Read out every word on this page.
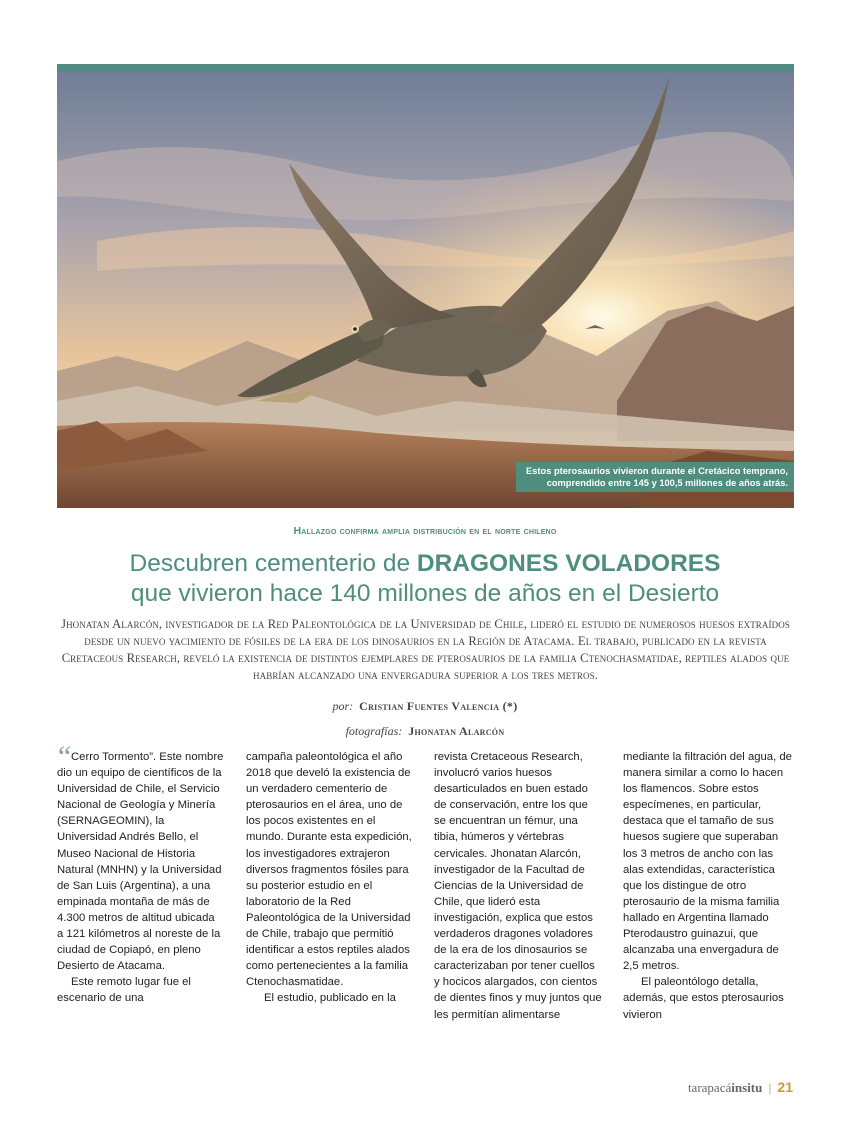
Estos pterosaurios vivieron durante el Cretácico temprano,
comprendido entre 145 y 100,5 millones de años atrás.
Hallazgo confirma amplia distribución en el norte chileno
Descubren cementerio de DRAGONES VOLADORES
que vivieron hace 140 millones de años en el Desierto
Jhonatan Alarcón, investigador de la Red Paleontológica de la Universidad de Chile, lideró el estudio de numerosos huesos extraídos desde un nuevo yacimiento de fósiles de la era de los dinosaurios en la Región de Atacama. El trabajo, publicado en la revista Cretaceous Research, reveló la existencia de distintos ejemplares de pterosaurios de la familia Ctenochasmatidae, reptiles alados que habrían alcanzado una envergadura superior a los tres metros.
por: Cristian Fuentes Valencia (*)
fotografías: Jhonatan Alarcón
“ Cerro Tormento”. Este nombre dio un equipo de científicos de la Universidad de Chile, el Servicio Nacional de Geología y Minería (SERNAGEOMIN), la Universidad Andrés Bello, el Museo Nacional de Historia Natural (MNHN) y la Universidad de San Luis (Argentina), a una empinada montaña de más de 4.300 metros de altitud ubicada a 121 kilómetros al noreste de la ciudad de Copiapó, en pleno Desierto de Atacama.

Este remoto lugar fue el escenario de una

campaña paleontológica el año 2018 que develó la existencia de un verdadero cementerio de pterosaurios en el área, uno de los pocos existentes en el mundo. Durante esta expedición, los investigadores extrajeron diversos fragmentos fósiles para su posterior estudio en el laboratorio de la Red Paleontológica de la Universidad de Chile, trabajo que permitió identificar a estos reptiles alados como pertenecientes a la familia Ctenochasmatidae.

El estudio, publicado en la

revista Cretaceous Research, involucró varios huesos desarticulados en buen estado de conservación, entre los que se encuentran un fémur, una tibia, húmeros y vértebras cervicales. Jhonatan Alarcón, investigador de la Facultad de Ciencias de la Universidad de Chile, que lideró esta investigación, explica que estos verdaderos dragones voladores de la era de los dinosaurios se caracterizaban por tener cuellos y hocicos alargados, con cientos de dientes finos y muy juntos que les permitían alimentarse

mediante la filtración del agua, de manera similar a como lo hacen los flamencos. Sobre estos especímenes, en particular, destaca que el tamaño de sus huesos sugiere que superaban los 3 metros de ancho con las alas extendidas, característica que los distingue de otro pterosaurio de la misma familia hallado en Argentina llamado Pterodaustro guinazui, que alcanzaba una envergadura de 2,5 metros.

El paleontólogo detalla, además, que estos pterosaurios vivieron

tarapacáinsitu | 21
